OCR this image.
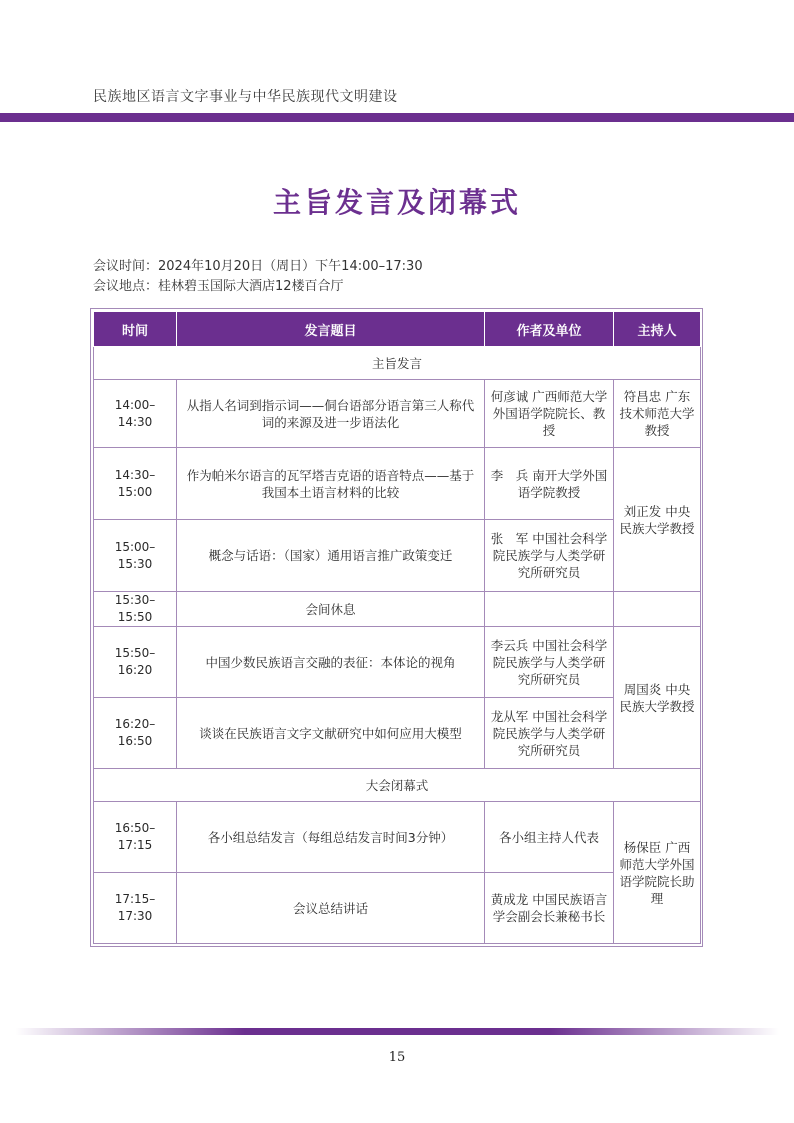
民族地区语言文字事业与中华民族现代文明建设
主旨发言及闭幕式
会议时间：2024年10月20日（周日）下午14:00–17:30
会议地点：桂林碧玉国际大酒店12楼百合厅
时间	发言题目	作者及单位	主持人
主旨发言			
14:00–14:30	从指人名词到指示词——侗台语部分语言第三人称代词的来源及进一步语法化	何彦诚 广西师范大学外国语学院院长、教授	符昌忠 广东技术师范大学教授
14:30–15:00	作为帕米尔语言的瓦罕塔吉克语的语音特点——基于我国本土语言材料的比较	李　兵 南开大学外国语学院教授	刘正发 中央民族大学教授
15:00–15:30	概念与话语：（国家）通用语言推广政策变迁	张　军 中国社会科学院民族学与人类学研究所研究员	
15:30–15:50	会间休息		
15:50–16:20	中国少数民族语言交融的表征：本体论的视角	李云兵 中国社会科学院民族学与人类学研究所研究员	周国炎 中央民族大学教授
16:20–16:50	谈谈在民族语言文字文献研究中如何应用大模型	龙从军 中国社会科学院民族学与人类学研究所研究员	
大会闭幕式			
16:50–17:15	各小组总结发言（每组总结发言时间3分钟）	各小组主持人代表	杨保臣 广西师范大学外国语学院院长助理
17:15–17:30	会议总结讲话	黄成龙 中国民族语言学会副会长兼秘书长	
15
